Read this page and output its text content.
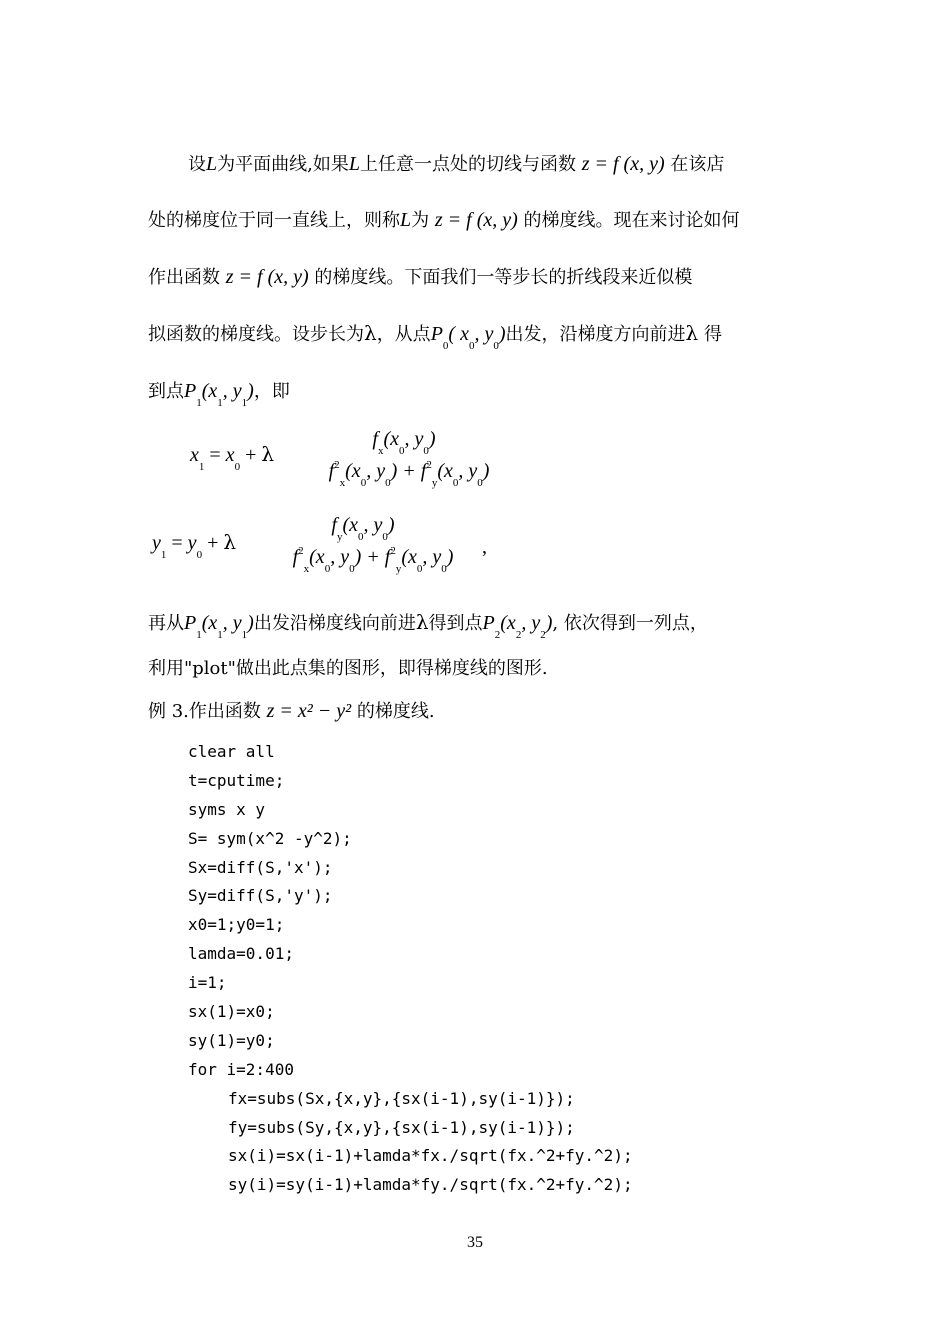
设L为平面曲线,如果L上任意一点处的切线与函数 z = f (x, y) 在该店
处的梯度位于同一直线上，则称L为 z = f (x, y) 的梯度线。现在来讨论如何
作出函数 z = f (x, y) 的梯度线。下面我们一等步长的折线段来近似模
拟函数的梯度线。设步长为λ，从点$P_0$( $x_0$, $y_0$)出发，沿梯度方向前进λ 得
到点$P_1(x_1$, $y_1$)，即
$x_1 = x_0 + \lambda$
$f_x(x_0$, $y_0$)
$f^2_x(x_0$, $y_0) + f^2_y(x_0$, $y_0$)
$y_1 = y_0 + \lambda$
$f_y(x_0$, $y_0$)
$f^2_x(x_0$, $y_0) + f^2_y(x_0$, $y_0$)	,
再从$P_1(x_1$, $y_1$)出发沿梯度线向前进λ得到点$P_2(x_2$, $y_2$), 依次得到一列点，
利用"plot"做出此点集的图形，即得梯度线的图形.
例 3.作出函数 z = x² − y² 的梯度线.
clear all
t=cputime;
syms x y
S= sym(x^2 -y^2);
Sx=diff(S,'x');
Sy=diff(S,'y');
x0=1;y0=1;
lamda=0.01;
i=1;
sx(1)=x0;
sy(1)=y0;
for i=2:400
fx=subs(Sx,{x,y},{sx(i-1),sy(i-1)});
fy=subs(Sy,{x,y},{sx(i-1),sy(i-1)});
sx(i)=sx(i-1)+lamda*fx./sqrt(fx.^2+fy.^2);
sy(i)=sy(i-1)+lamda*fy./sqrt(fx.^2+fy.^2);
35
